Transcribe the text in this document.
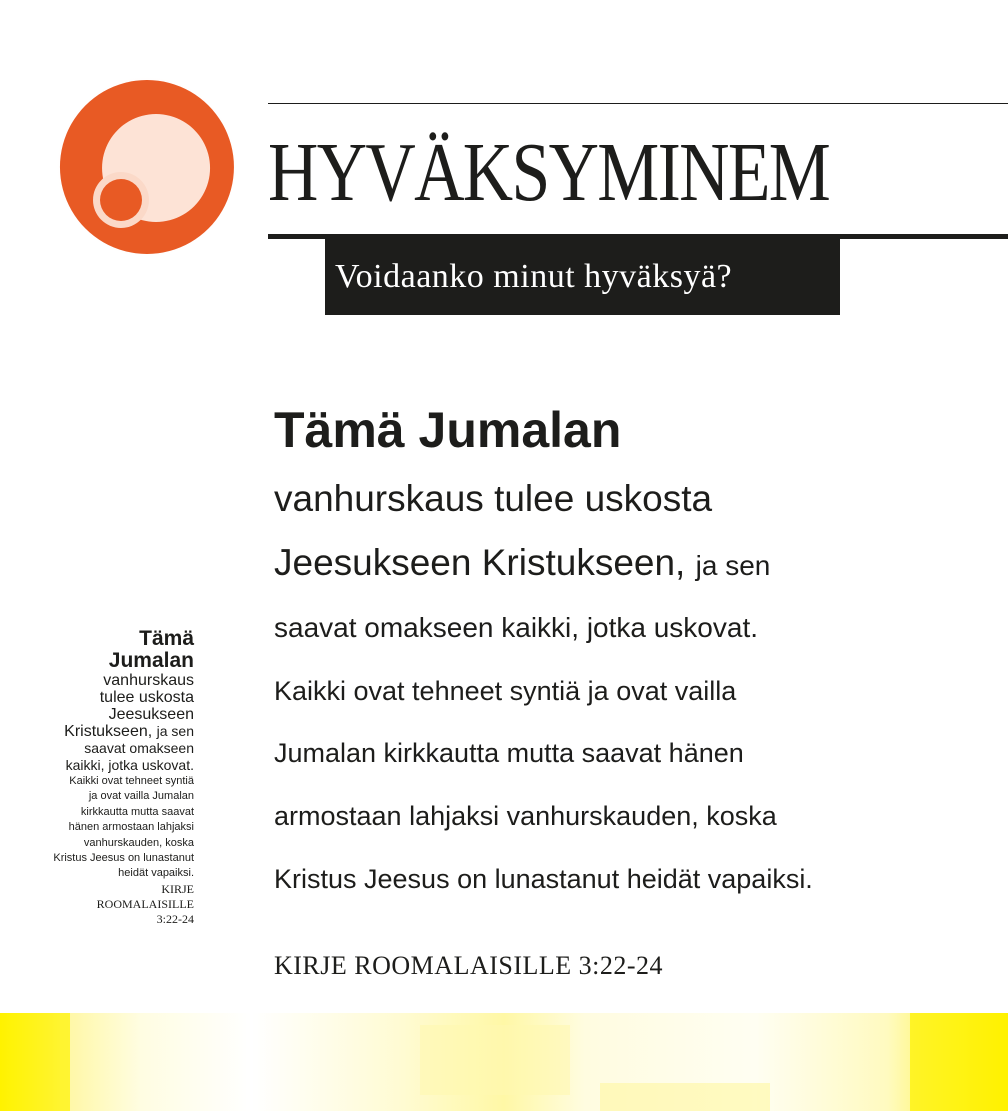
HYVÄKSYMINEM
Voidaanko minut hyväksyä?
Tämä Jumalan
vanhurskaus tulee uskosta
Jeesukseen Kristukseen, ja sen
saavat omakseen kaikki, jotka uskovat.
Kaikki ovat tehneet syntiä ja ovat vailla
Jumalan kirkkautta mutta saavat hänen
armostaan lahjaksi vanhurskauden, koska
Kristus Jeesus on lunastanut heidät vapaiksi.
KIRJE ROOMALAISILLE 3:22-24
Tämä
Jumalan
vanhurskaus
tulee uskosta
Jeesukseen
Kristukseen, ja sen
saavat omakseen
kaikki, jotka uskovat.
Kaikki ovat tehneet syntiä
ja ovat vailla Jumalan
kirkkautta mutta saavat
hänen armostaan lahjaksi
vanhurskauden, koska
Kristus Jeesus on lunastanut
heidät vapaiksi.
KIRJE
ROOMALAISILLE
3:22-24
